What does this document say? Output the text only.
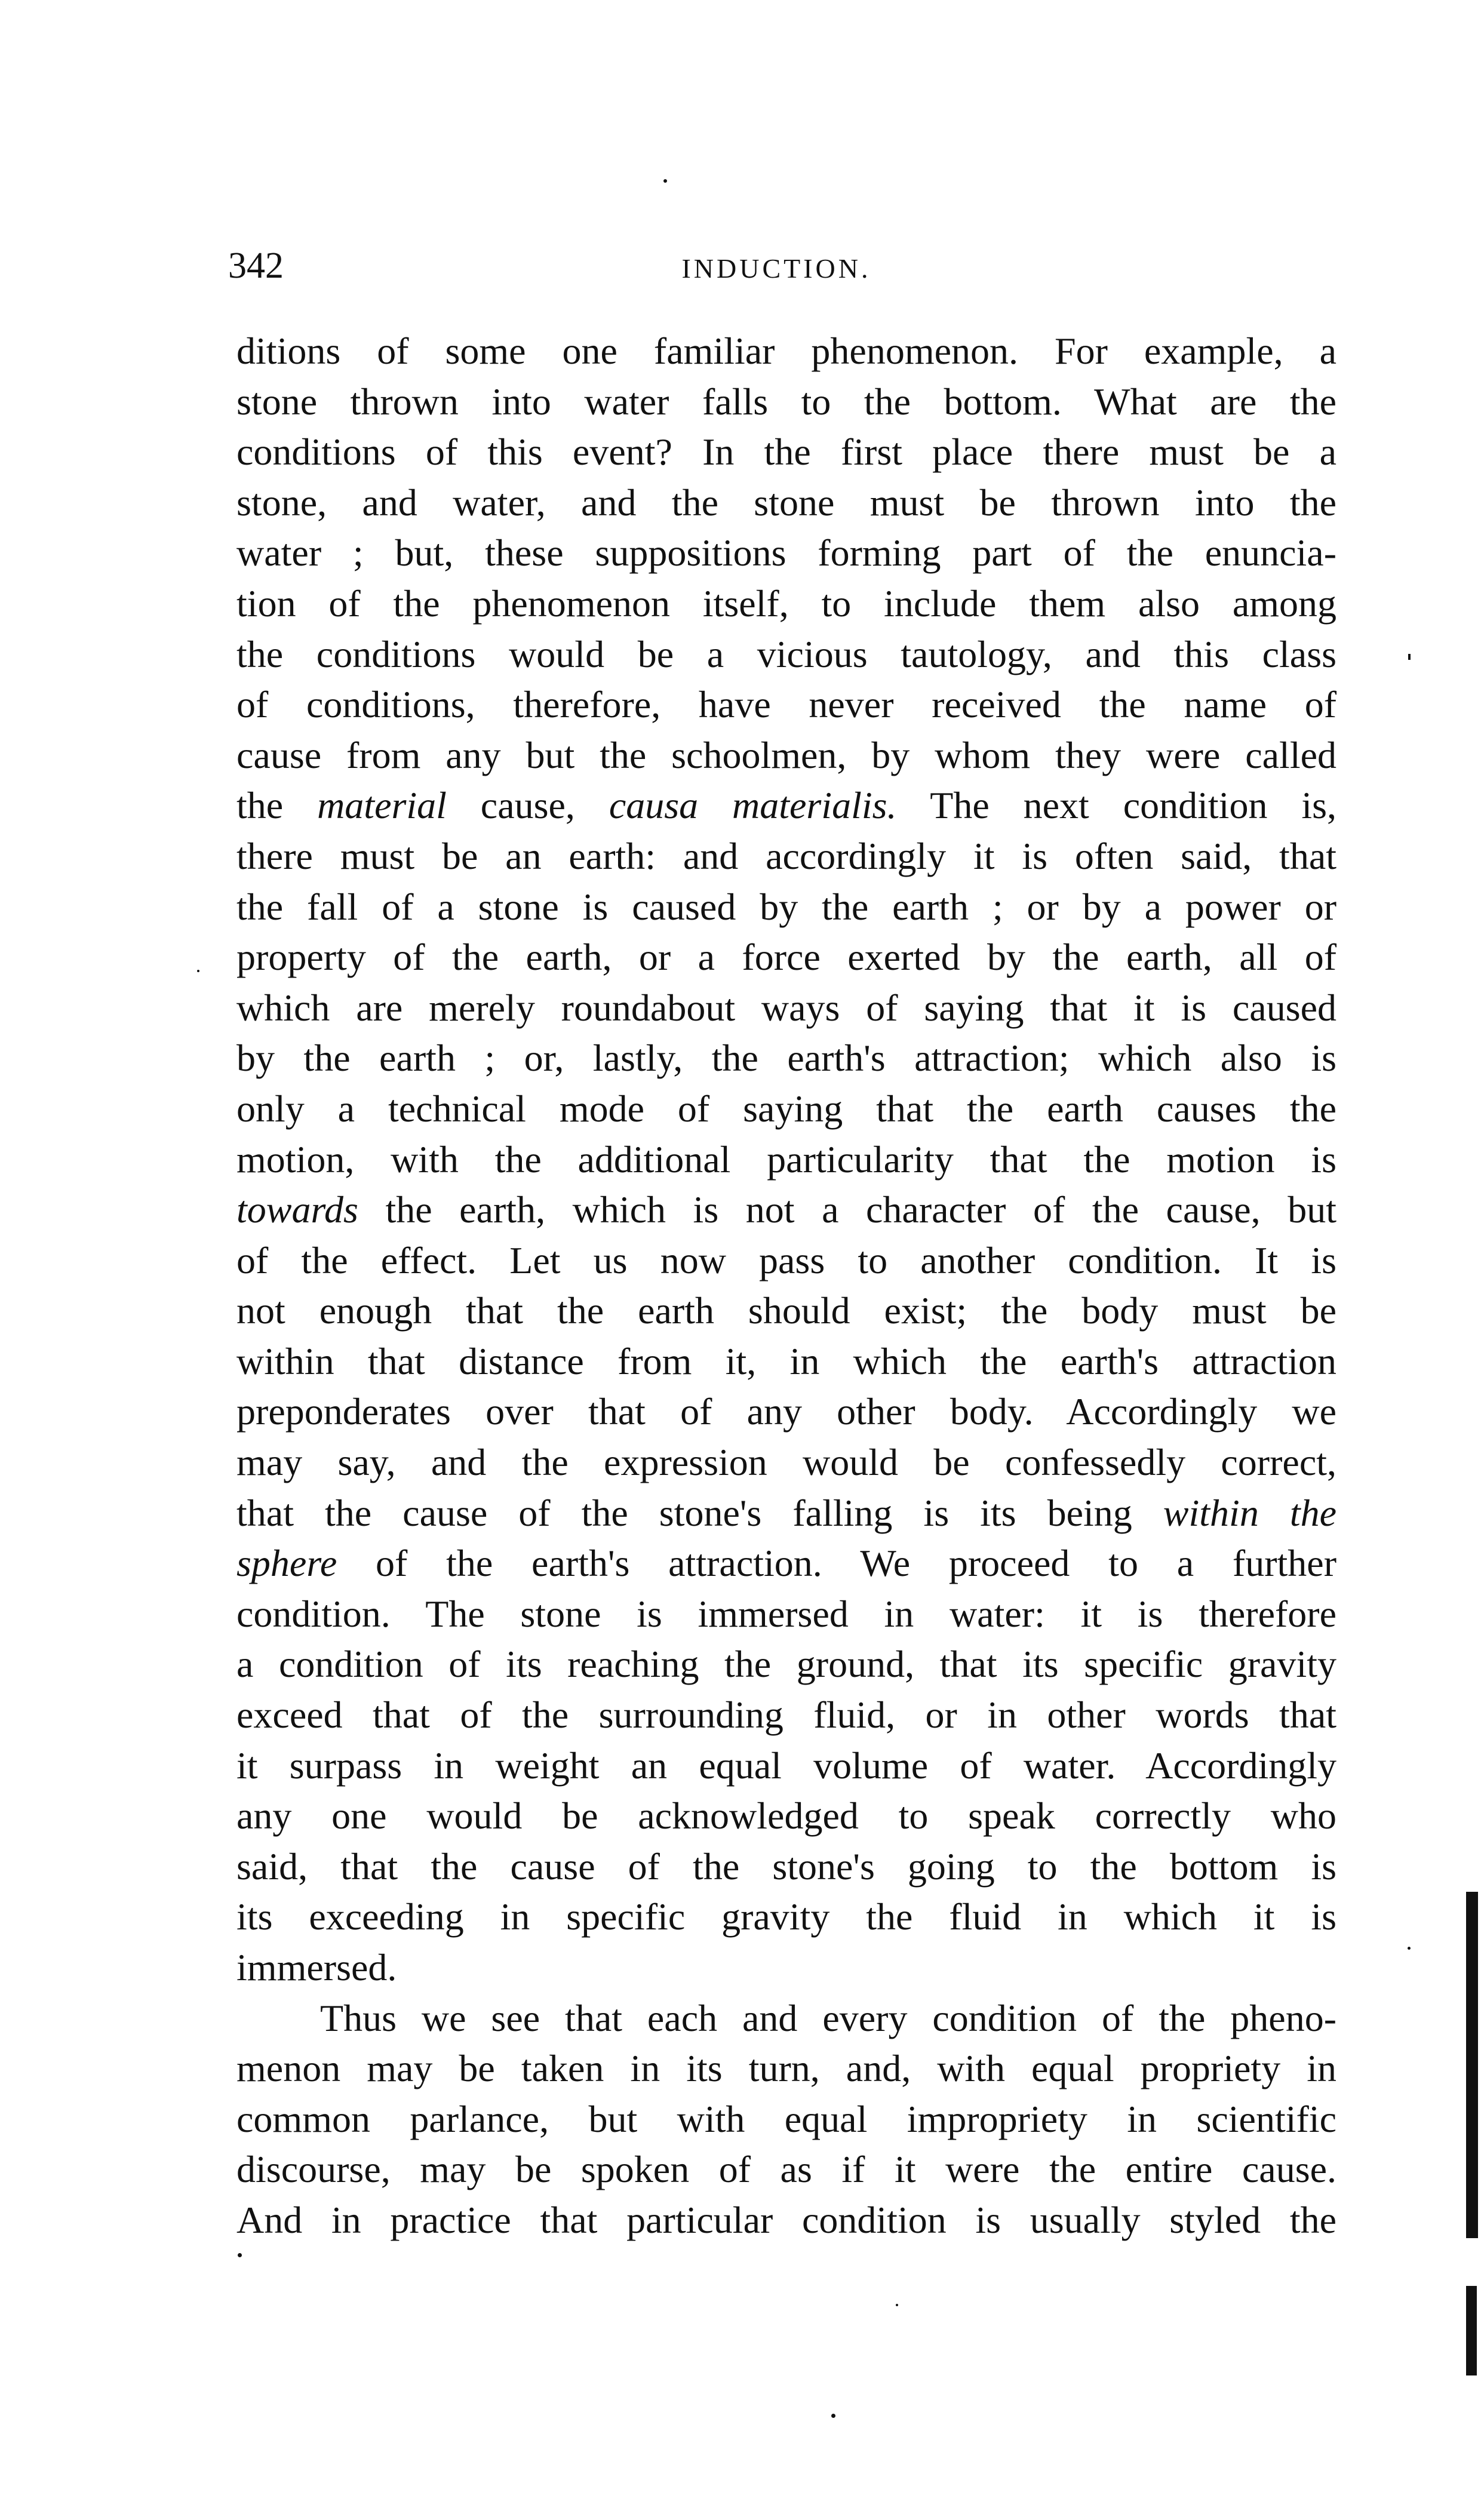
342	INDUCTION.
ditions of some one familiar phenomenon. For example, a
stone thrown into water falls to the bottom. What are the
conditions of this event? In the first place there must be a
stone, and water, and the stone must be thrown into the
water ; but, these suppositions forming part of the enuncia-
tion of the phenomenon itself, to include them also among
the conditions would be a vicious tautology, and this class
of conditions, therefore, have never received the name of
cause from any but the schoolmen, by whom they were called
the material cause, causa materialis. The next condition is,
there must be an earth: and accordingly it is often said, that
the fall of a stone is caused by the earth ; or by a power or
property of the earth, or a force exerted by the earth, all of
which are merely roundabout ways of saying that it is caused
by the earth ; or, lastly, the earth's attraction; which also is
only a technical mode of saying that the earth causes the
motion, with the additional particularity that the motion is
towards the earth, which is not a character of the cause, but
of the effect. Let us now pass to another condition. It is
not enough that the earth should exist; the body must be
within that distance from it, in which the earth's attraction
preponderates over that of any other body. Accordingly we
may say, and the expression would be confessedly correct,
that the cause of the stone's falling is its being within the
sphere of the earth's attraction. We proceed to a further
condition. The stone is immersed in water: it is therefore
a condition of its reaching the ground, that its specific gravity
exceed that of the surrounding fluid, or in other words that
it surpass in weight an equal volume of water. Accordingly
any one would be acknowledged to speak correctly who
said, that the cause of the stone's going to the bottom is
its exceeding in specific gravity the fluid in which it is
immersed.
Thus we see that each and every condition of the pheno-
menon may be taken in its turn, and, with equal propriety in
common parlance, but with equal impropriety in scientific
discourse, may be spoken of as if it were the entire cause.
And in practice that particular condition is usually styled the
